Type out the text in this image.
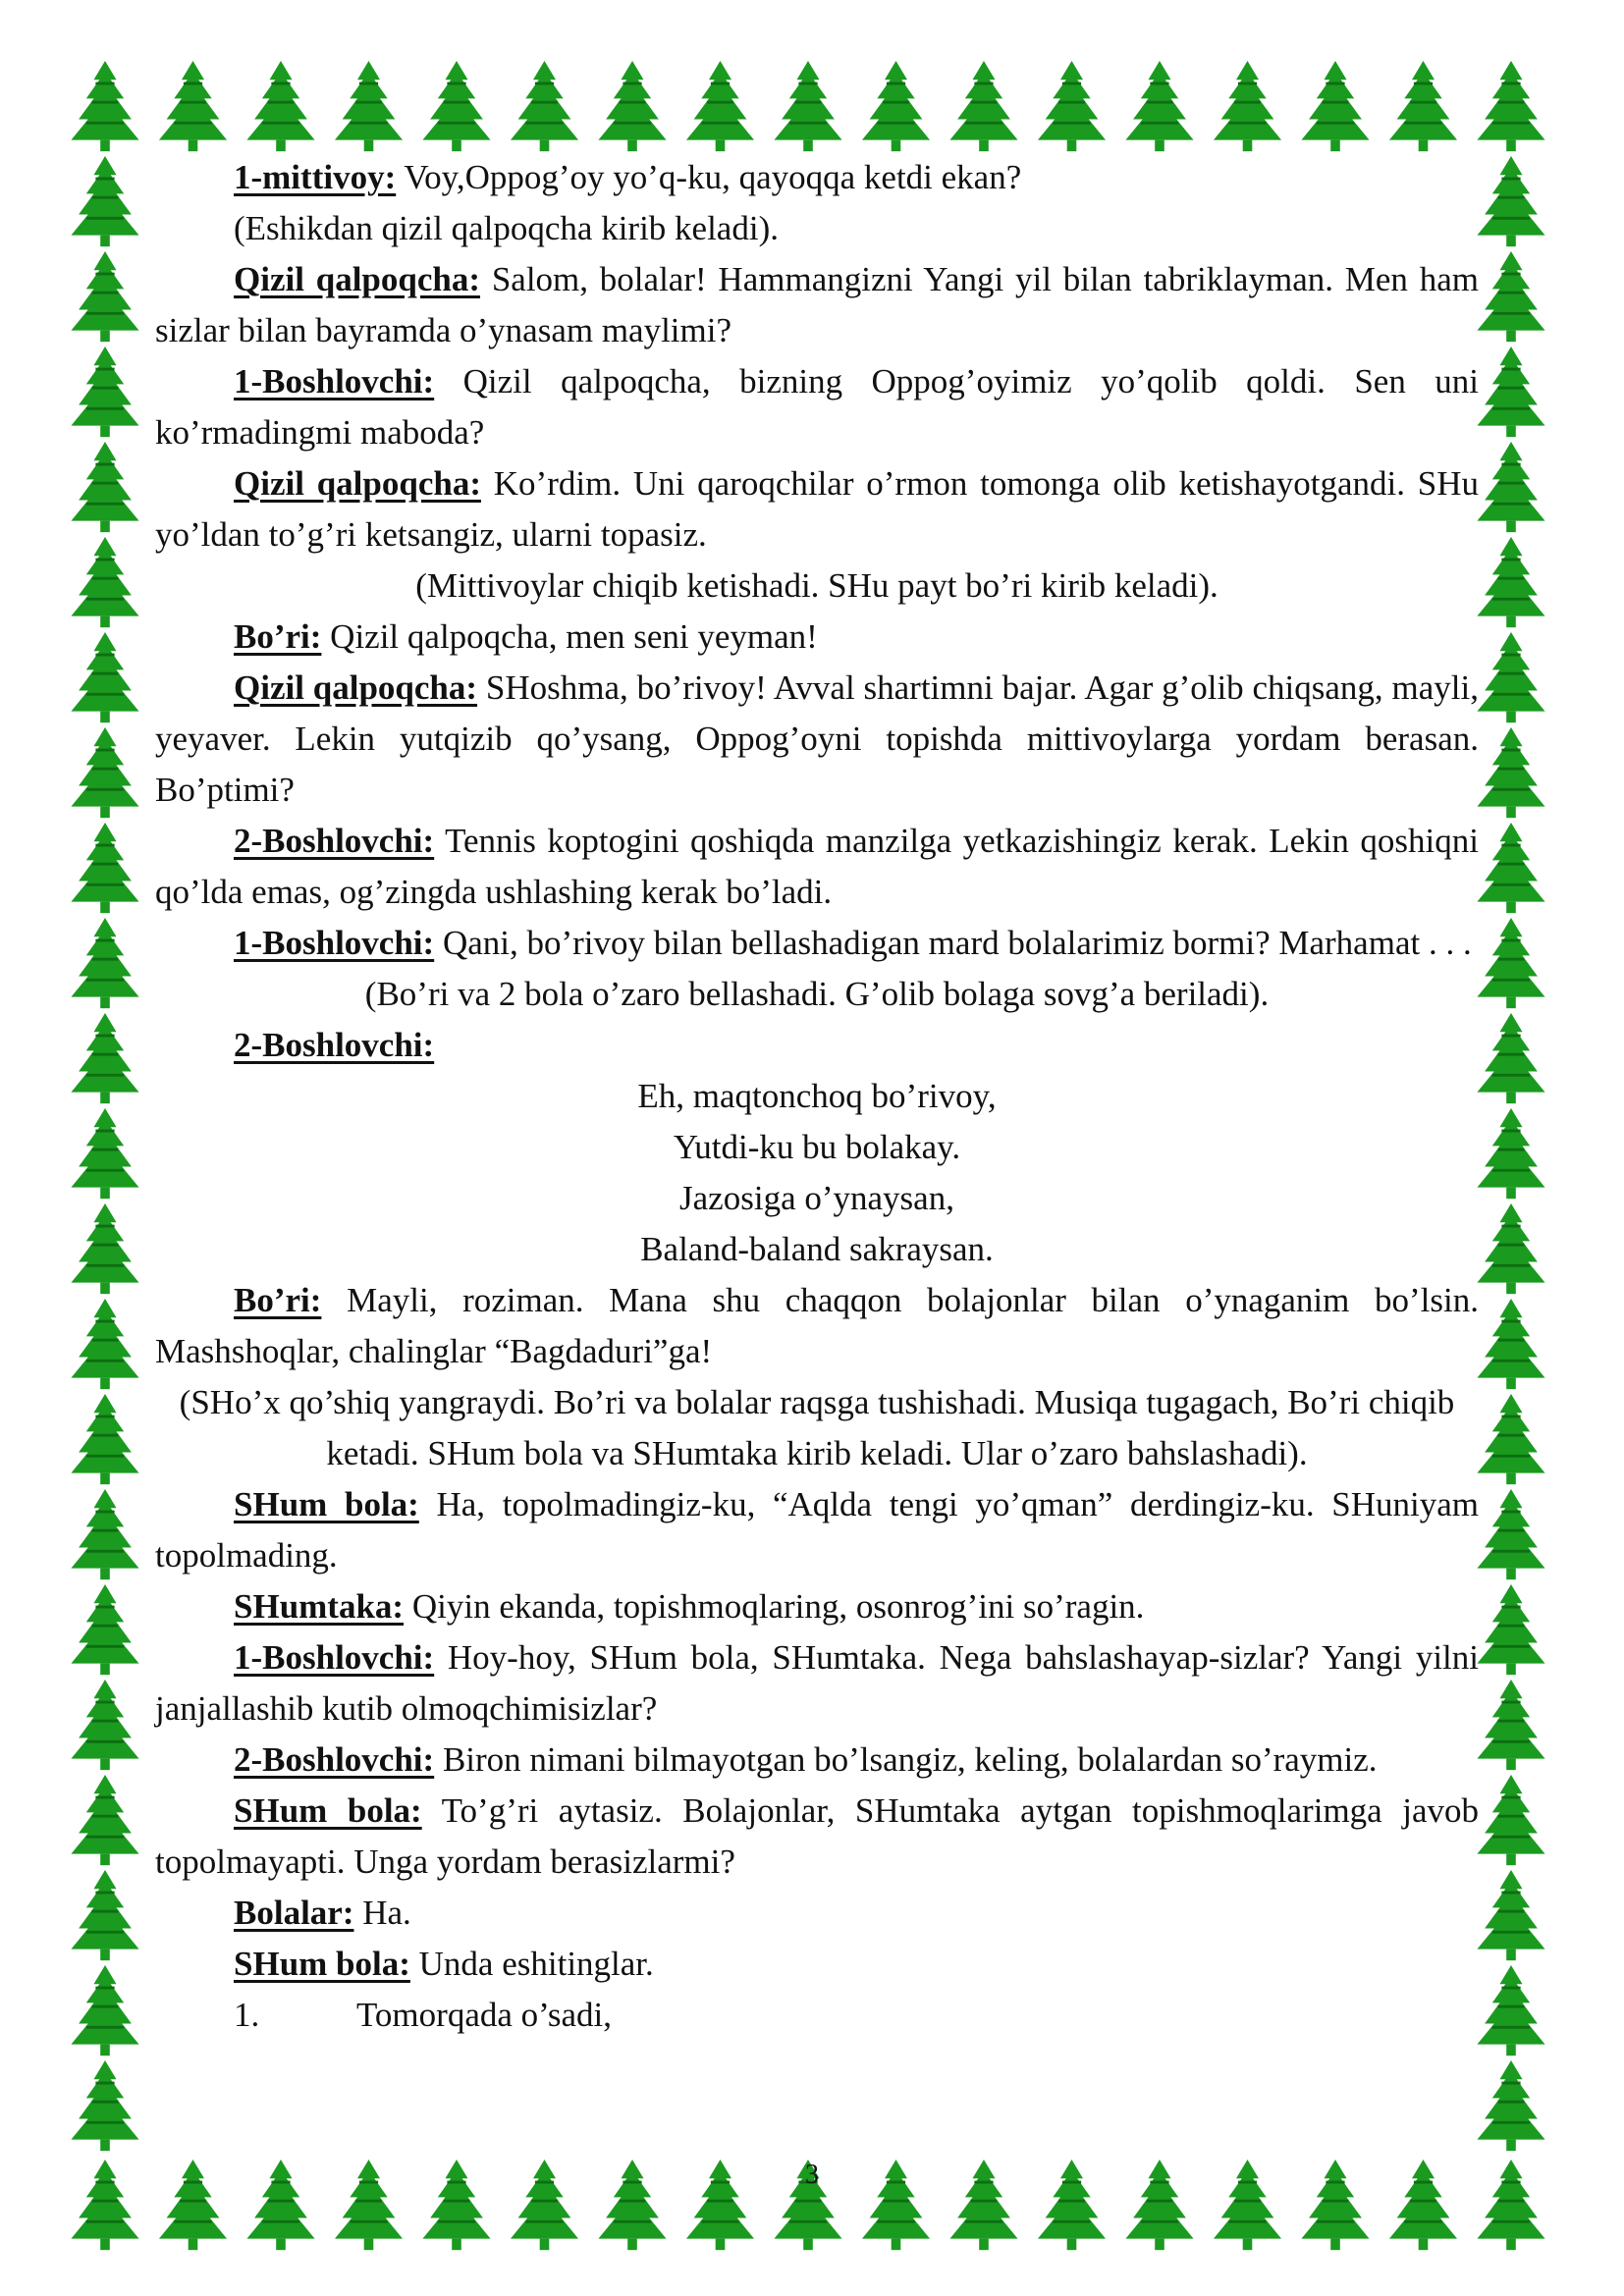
1-mittivoy: Voy,Oppog’oy yo’q-ku, qayoqqa ketdi ekan?

(Eshikdan qizil qalpoqcha kirib keladi).

Qizil qalpoqcha: Salom, bolalar! Hammangizni Yangi yil bilan tabriklayman. Men ham sizlar bilan bayramda o’ynasam maylimi?

1-Boshlovchi: Qizil qalpoqcha, bizning Oppog’oyimiz yo’qolib qoldi. Sen uni ko’rmadingmi maboda?

Qizil qalpoqcha: Ko’rdim. Uni qaroqchilar o’rmon tomonga olib ketishayotgandi. SHu yo’ldan to’g’ri ketsangiz, ularni topasiz.

(Mittivoylar chiqib ketishadi. SHu payt bo’ri kirib keladi).

Bo’ri: Qizil qalpoqcha, men seni yeyman!

Qizil qalpoqcha: SHoshma, bo’rivoy! Avval shartimni bajar. Agar g’olib chiqsang, mayli, yeyaver. Lekin yutqizib qo’ysang, Oppog’oyni topishda mittivoylarga yordam berasan. Bo’ptimi?

2-Boshlovchi: Tennis koptogini qoshiqda manzilga yetkazishingiz kerak. Lekin qoshiqni qo’lda emas, og’zingda ushlashing kerak bo’ladi.

1-Boshlovchi: Qani, bo’rivoy bilan bellashadigan mard bolalarimiz bormi? Marhamat . . .

(Bo’ri va 2 bola o’zaro bellashadi. G’olib bolaga sovg’a beriladi).

2-Boshlovchi:

Eh, maqtonchoq bo’rivoy,

Yutdi-ku bu bolakay.

Jazosiga o’ynaysan,

Baland-baland sakraysan.

Bo’ri: Mayli, roziman. Mana shu chaqqon bolajonlar bilan o’ynaganim bo’lsin. Mashshoqlar, chalinglar “Bagdaduri”ga!

(SHo’x qo’shiq yangraydi. Bo’ri va bolalar raqsga tushishadi. Musiqa tugagach, Bo’ri chiqib ketadi. SHum bola va SHumtaka kirib keladi. Ular o’zaro bahslashadi).

SHum bola: Ha, topolmadingiz-ku, “Aqlda tengi yo’qman” derdingiz-ku. SHuniyam topolmading.

SHumtaka: Qiyin ekanda, topishmoqlaring, osonrog’ini so’ragin.

1-Boshlovchi: Hoy-hoy, SHum bola, SHumtaka. Nega bahslashayap-sizlar? Yangi yilni janjallashib kutib olmoqchimisizlar?

2-Boshlovchi: Biron nimani bilmayotgan bo’lsangiz, keling, bolalardan so’raymiz.

SHum bola: To’g’ri aytasiz. Bolajonlar, SHumtaka aytgan topishmoqlarimga javob topolmayapti. Unga yordam berasizlarmi?

Bolalar: Ha.

SHum bola: Unda eshitinglar.

1.	Tomorqada o’sadi,

3
